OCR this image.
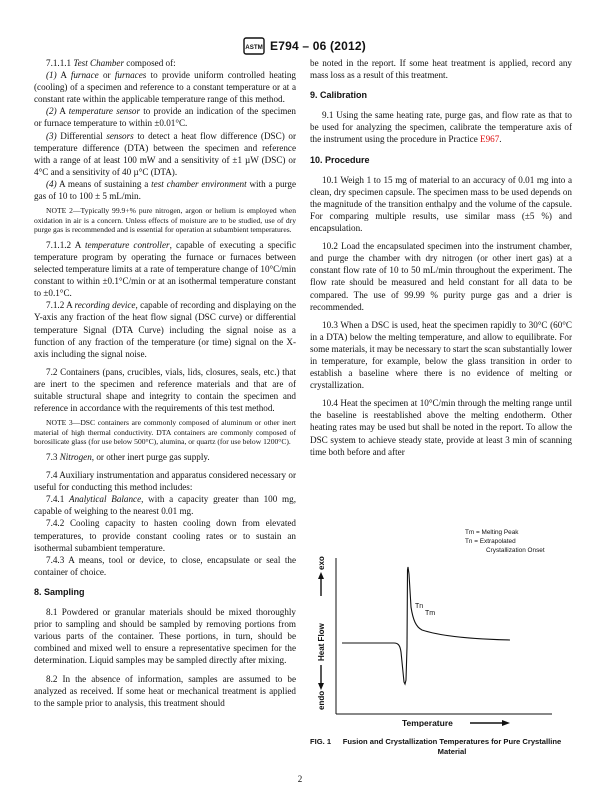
ASTM E794 – 06 (2012)

7.1.1.1 Test Chamber composed of:

(1) A furnace or furnaces to provide uniform controlled heating (cooling) of a specimen and reference to a constant temperature or at a constant rate within the applicable temperature range of this method.

(2) A temperature sensor to provide an indication of the specimen or furnace temperature to within ±0.01°C.

(3) Differential sensors to detect a heat flow difference (DSC) or temperature difference (DTA) between the specimen and reference with a range of at least 100 mW and a sensitivity of ±1 µW (DSC) or 4°C and a sensitivity of 40 µ°C (DTA).

(4) A means of sustaining a test chamber environment with a purge gas of 10 to 100 ± 5 mL/min.

NOTE 2—Typically 99.9+% pure nitrogen, argon or helium is employed when oxidation in air is a concern. Unless effects of moisture are to be studied, use of dry purge gas is recommended and is essential for operation at subambient temperatures.

7.1.1.2 A temperature controller, capable of executing a specific temperature program by operating the furnace or furnaces between selected temperature limits at a rate of temperature change of 10°C/min constant to within ±0.1°C/min or at an isothermal temperature constant to ±0.1°C.

7.1.2 A recording device, capable of recording and displaying on the Y-axis any fraction of the heat flow signal (DSC curve) or differential temperature Signal (DTA Curve) including the signal noise as a function of any fraction of the temperature (or time) signal on the X-axis including the signal noise.

7.2 Containers (pans, crucibles, vials, lids, closures, seals, etc.) that are inert to the specimen and reference materials and that are of suitable structural shape and integrity to contain the specimen and reference in accordance with the requirements of this test method.

NOTE 3—DSC containers are commonly composed of aluminum or other inert material of high thermal conductivity. DTA containers are commonly composed of borosilicate glass (for use below 500°C), alumina, or quartz (for use below 1200°C).

7.3 Nitrogen, or other inert purge gas supply.

7.4 Auxiliary instrumentation and apparatus considered necessary or useful for conducting this method includes:

7.4.1 Analytical Balance, with a capacity greater than 100 mg, capable of weighing to the nearest 0.01 mg.

7.4.2 Cooling capacity to hasten cooling down from elevated temperatures, to provide constant cooling rates or to sustain an isothermal subambient temperature.

7.4.3 A means, tool or device, to close, encapsulate or seal the container of choice.

8. Sampling

8.1 Powdered or granular materials should be mixed thoroughly prior to sampling and should be sampled by removing portions from various parts of the container. These portions, in turn, should be combined and mixed well to ensure a representative specimen for the determination. Liquid samples may be sampled directly after mixing.

8.2 In the absence of information, samples are assumed to be analyzed as received. If some heat or mechanical treatment is applied to the sample prior to analysis, this treatment should

be noted in the report. If some heat treatment is applied, record any mass loss as a result of this treatment.

9. Calibration

9.1 Using the same heating rate, purge gas, and flow rate as that to be used for analyzing the specimen, calibrate the temperature axis of the instrument using the procedure in Practice E967.

10. Procedure

10.1 Weigh 1 to 15 mg of material to an accuracy of 0.01 mg into a clean, dry specimen capsule. The specimen mass to be used depends on the magnitude of the transition enthalpy and the volume of the capsule. For comparing multiple results, use similar mass (±5 %) and encapsulation.

10.2 Load the encapsulated specimen into the instrument chamber, and purge the chamber with dry nitrogen (or other inert gas) at a constant flow rate of 10 to 50 mL/min throughout the experiment. The flow rate should be measured and held constant for all data to be compared. The use of 99.99 % purity purge gas and a drier is recommended.

10.3 When a DSC is used, heat the specimen rapidly to 30°C (60°C in a DTA) below the melting temperature, and allow to equilibrate. For some materials, it may be necessary to start the scan substantially lower in temperature, for example, below the glass transition in order to establish a baseline where there is no evidence of melting or crystallization.

10.4 Heat the specimen at 10°C/min through the melting range until the baseline is reestablished above the melting endotherm. Other heating rates may be used but shall be noted in the report. To allow the DSC system to achieve steady state, provide at least 3 min of scanning time both before and after

Tm = Melting Peak
Tn = Extrapolated
Crystallization Onset
endo
Heat Flow
exo
Tn
Tm
Temperature
FIG. 1 Fusion and Crystallization Temperatures for Pure Crystalline Material
2
